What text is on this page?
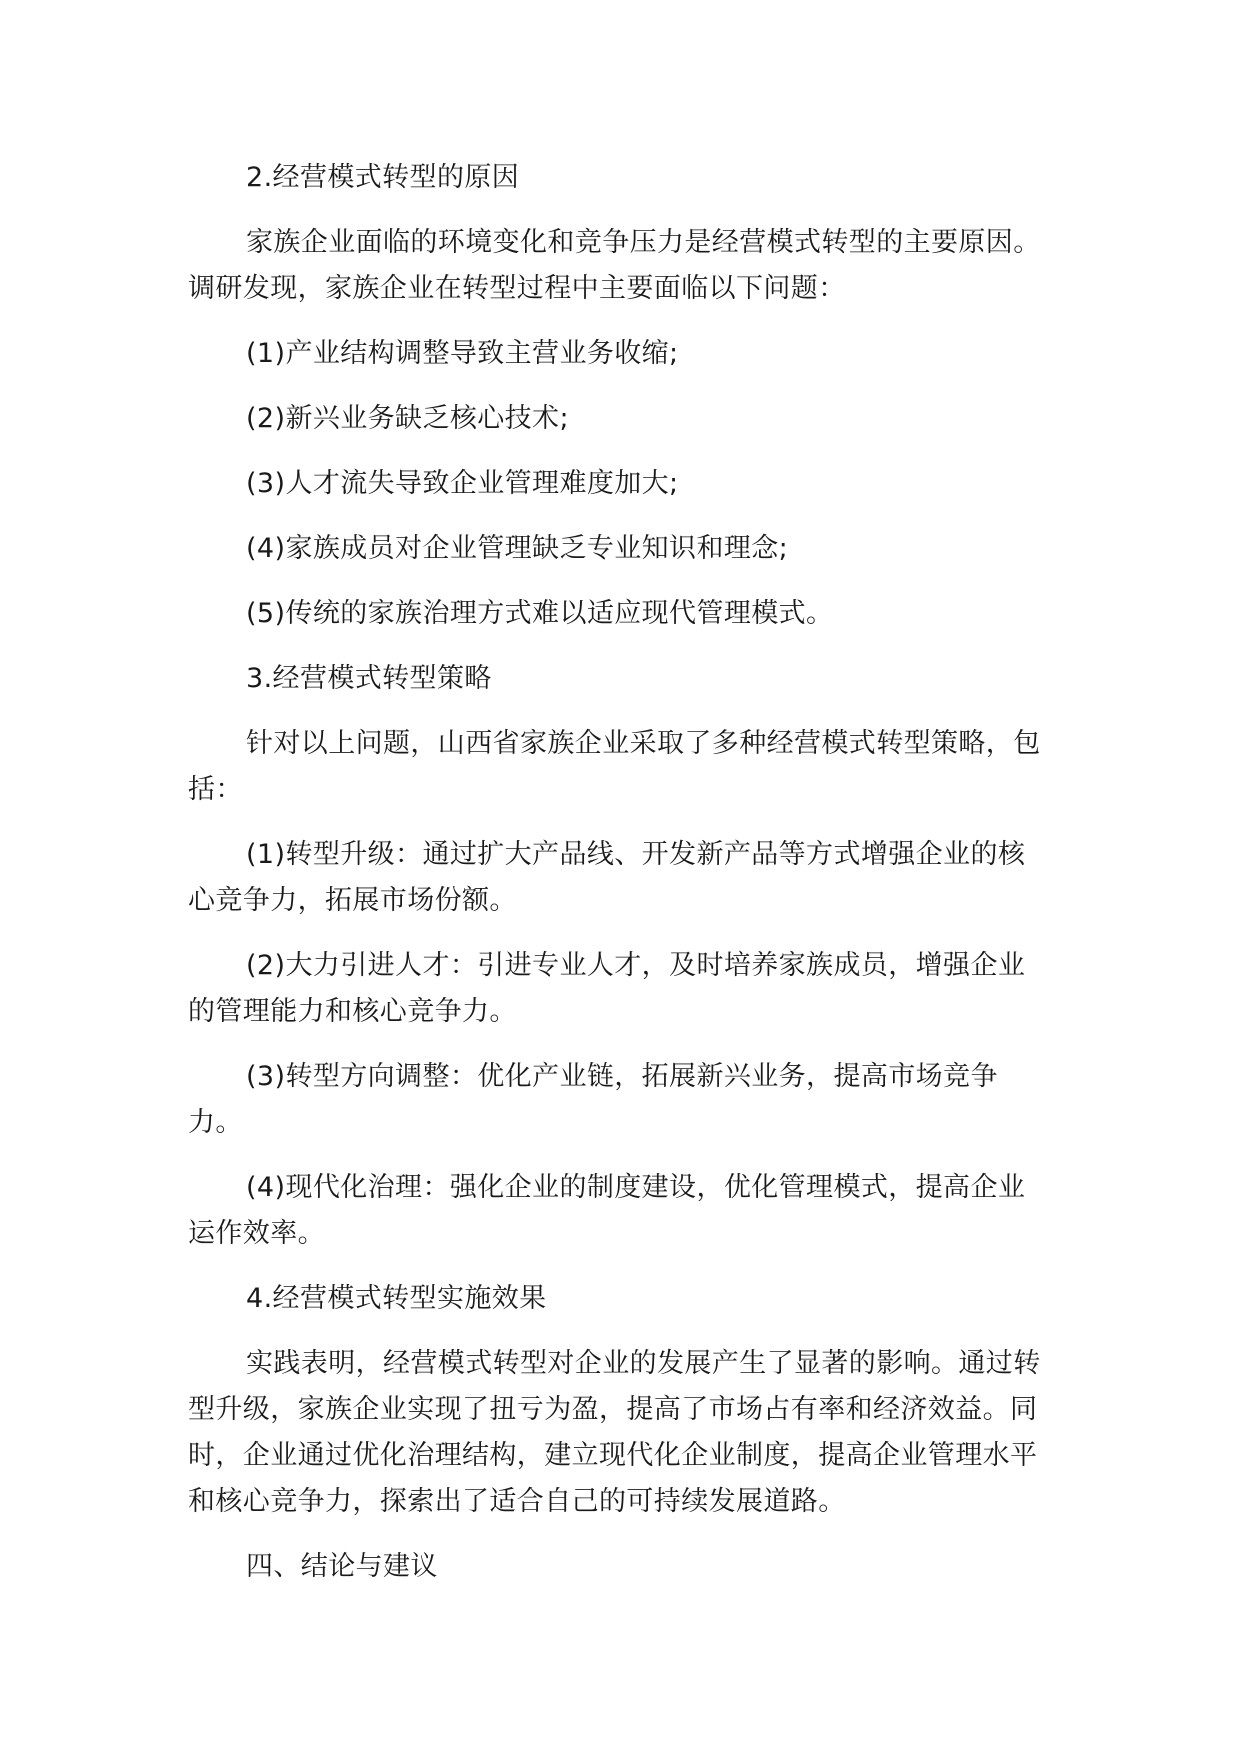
2.经营模式转型的原因

家族企业面临的环境变化和竞争压力是经营模式转型的主要原因。调研发现，家族企业在转型过程中主要面临以下问题：

(1)产业结构调整导致主营业务收缩;

(2)新兴业务缺乏核心技术;

(3)人才流失导致企业管理难度加大;

(4)家族成员对企业管理缺乏专业知识和理念;

(5)传统的家族治理方式难以适应现代管理模式。

3.经营模式转型策略

针对以上问题，山西省家族企业采取了多种经营模式转型策略，包括：

(1)转型升级：通过扩大产品线、开发新产品等方式增强企业的核心竞争力，拓展市场份额。

(2)大力引进人才：引进专业人才，及时培养家族成员，增强企业的管理能力和核心竞争力。

(3)转型方向调整：优化产业链，拓展新兴业务，提高市场竞争力。

(4)现代化治理：强化企业的制度建设，优化管理模式，提高企业运作效率。

4.经营模式转型实施效果

实践表明，经营模式转型对企业的发展产生了显著的影响。通过转型升级，家族企业实现了扭亏为盈，提高了市场占有率和经济效益。同时，企业通过优化治理结构，建立现代化企业制度，提高企业管理水平和核心竞争力，探索出了适合自己的可持续发展道路。

四、结论与建议
